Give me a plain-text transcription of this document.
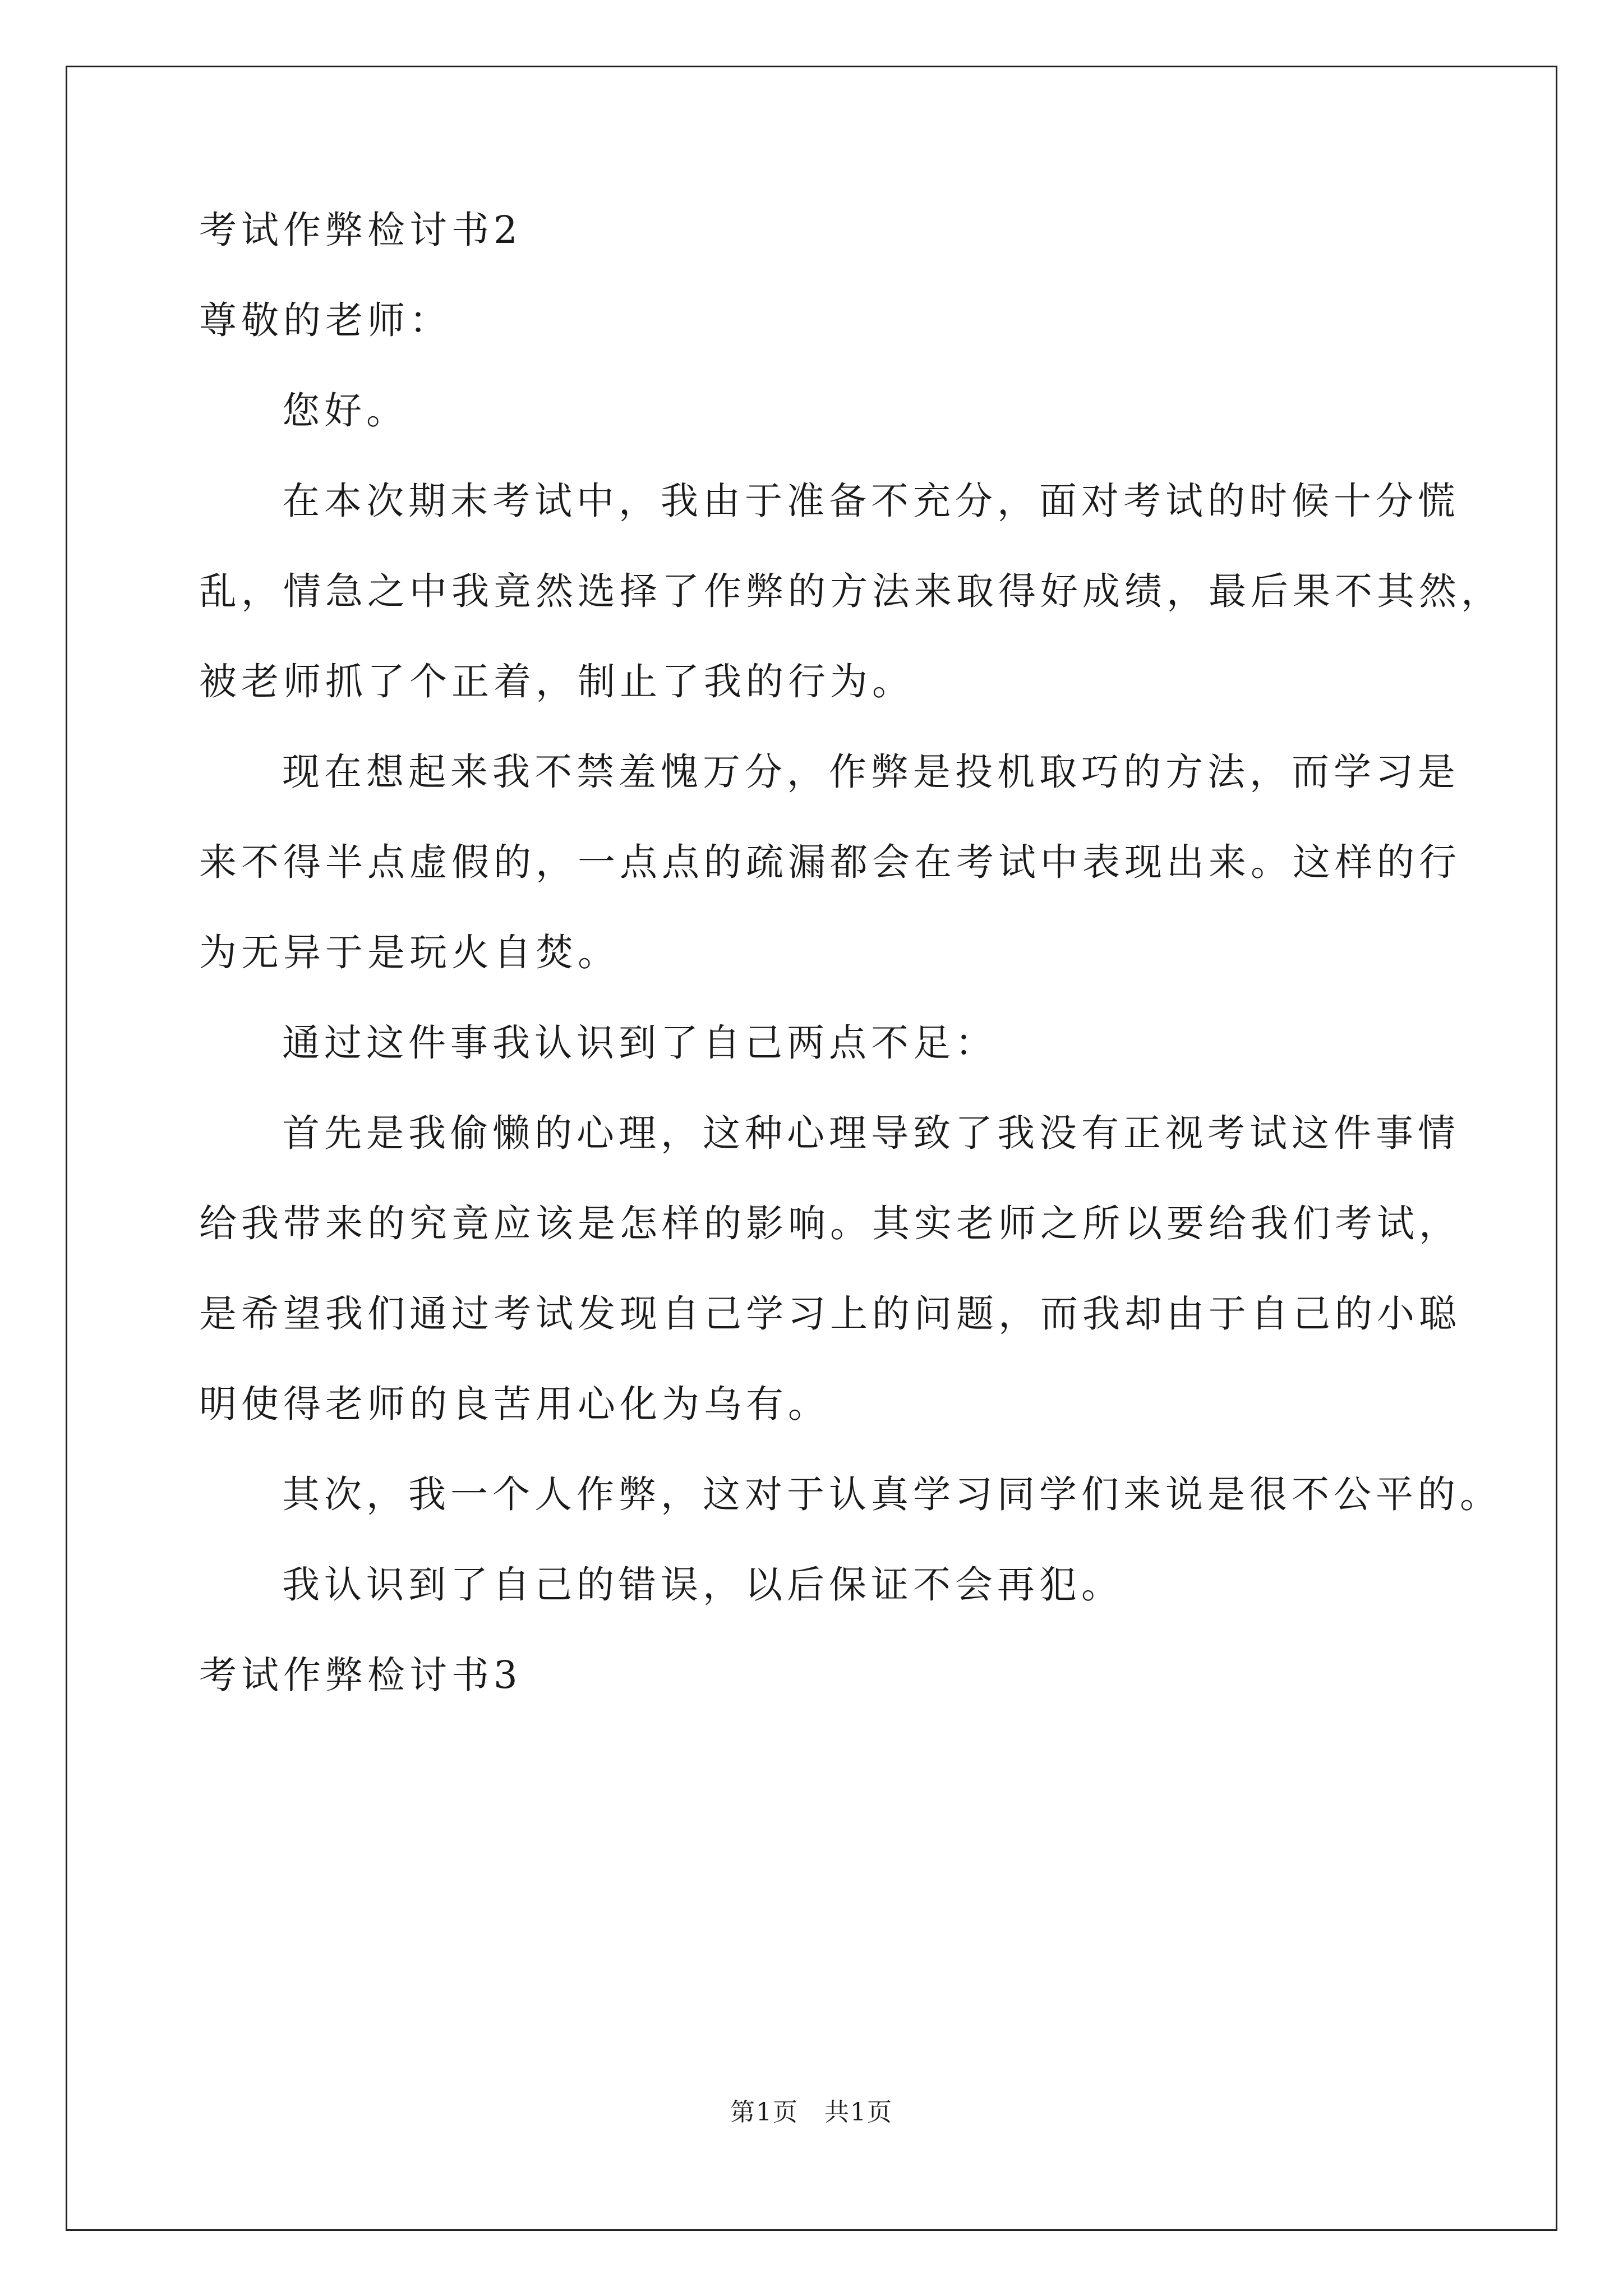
考试作弊检讨书2
尊敬的老师：
您好。
在本次期末考试中，我由于准备不充分，面对考试的时候十分慌
乱，情急之中我竟然选择了作弊的方法来取得好成绩，最后果不其然，
被老师抓了个正着，制止了我的行为。
现在想起来我不禁羞愧万分，作弊是投机取巧的方法，而学习是
来不得半点虚假的，一点点的疏漏都会在考试中表现出来。这样的行
为无异于是玩火自焚。
通过这件事我认识到了自己两点不足：
首先是我偷懒的心理，这种心理导致了我没有正视考试这件事情
给我带来的究竟应该是怎样的影响。其实老师之所以要给我们考试，
是希望我们通过考试发现自己学习上的问题，而我却由于自己的小聪
明使得老师的良苦用心化为乌有。
其次，我一个人作弊，这对于认真学习同学们来说是很不公平的。
我认识到了自己的错误，以后保证不会再犯。
考试作弊检讨书3
第1页　共1页
